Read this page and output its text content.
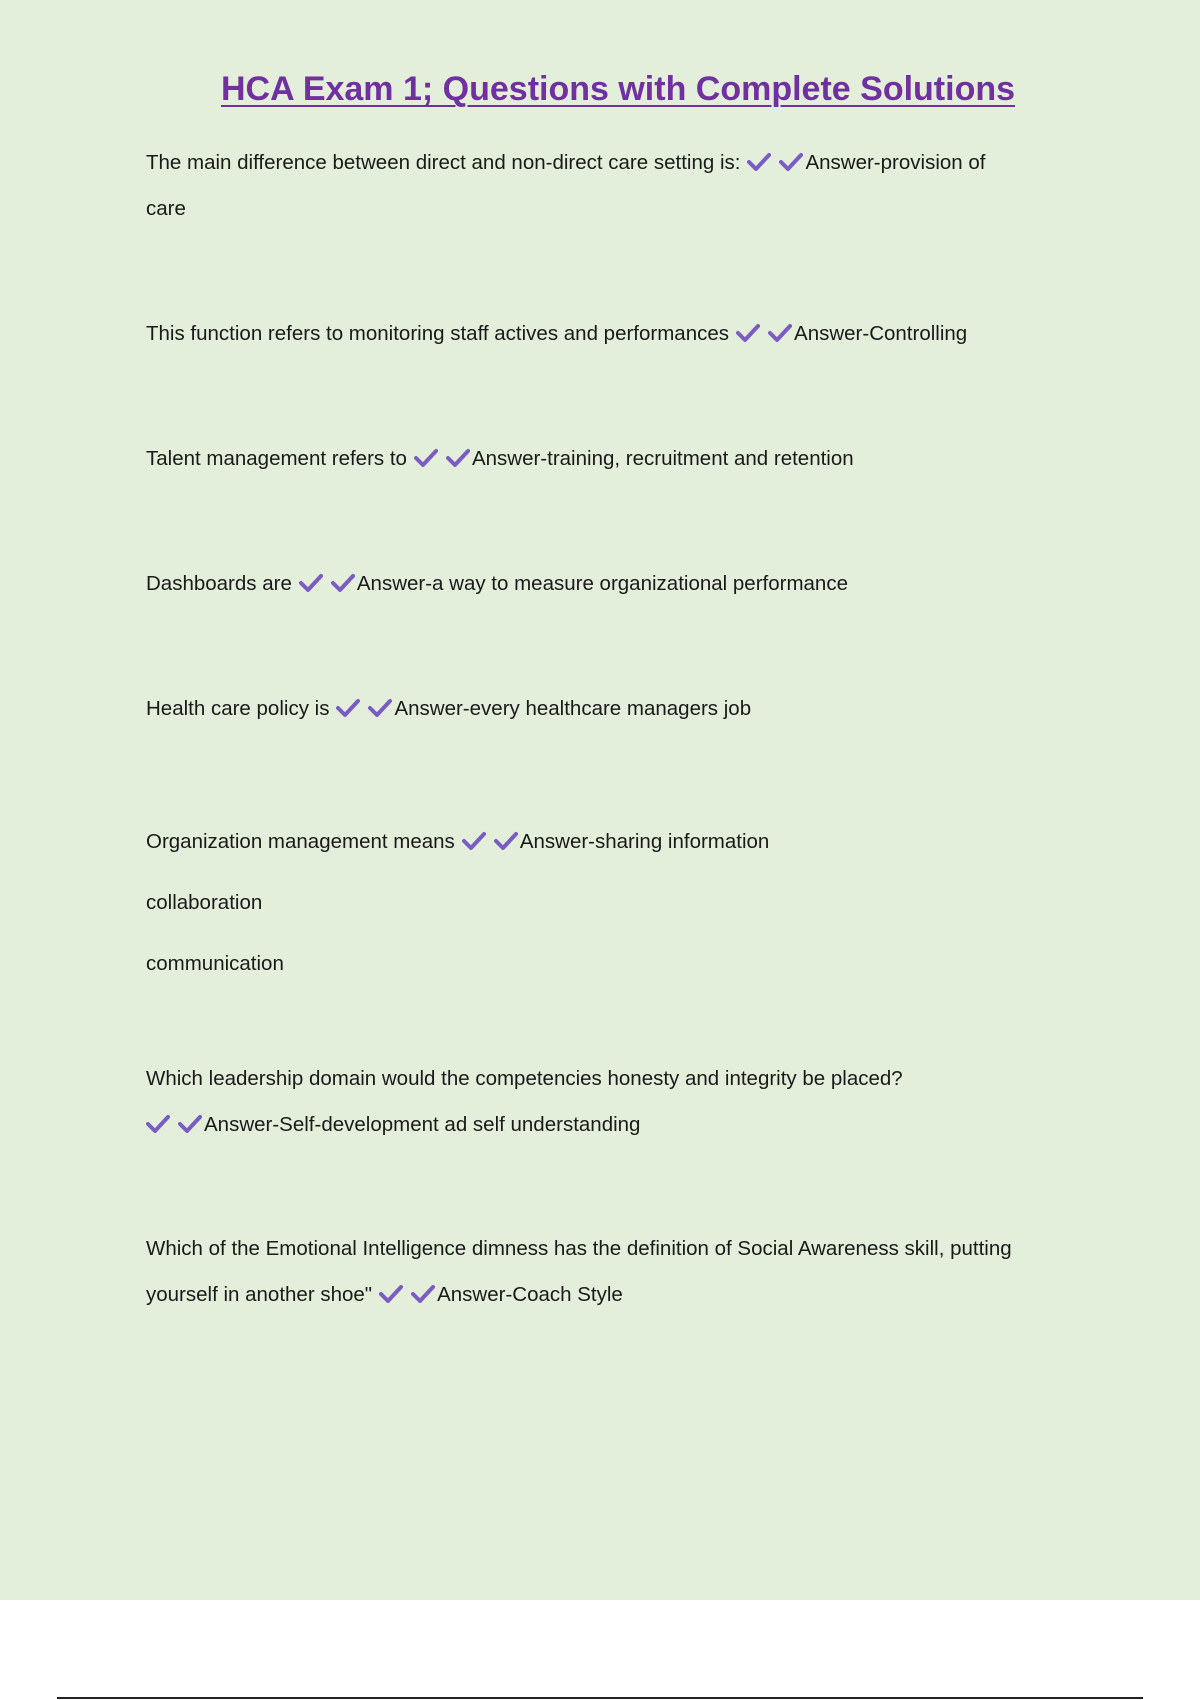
HCA Exam 1; Questions with Complete Solutions

The main difference between direct and non-direct care setting is:	Answer-provision of

care

This function refers to monitoring staff actives and performances	Answer-Controlling

Talent management refers to	Answer-training, recruitment and retention

Dashboards are	Answer-a way to measure organizational performance

Health care policy is	Answer-every healthcare managers job

Organization management means	Answer-sharing information

collaboration

communication

Which leadership domain would the competencies honesty and integrity be placed?

Answer-Self-development ad self understanding

Which of the Emotional Intelligence dimness has the definition of Social Awareness skill, putting

yourself in another shoe"	Answer-Coach Style
